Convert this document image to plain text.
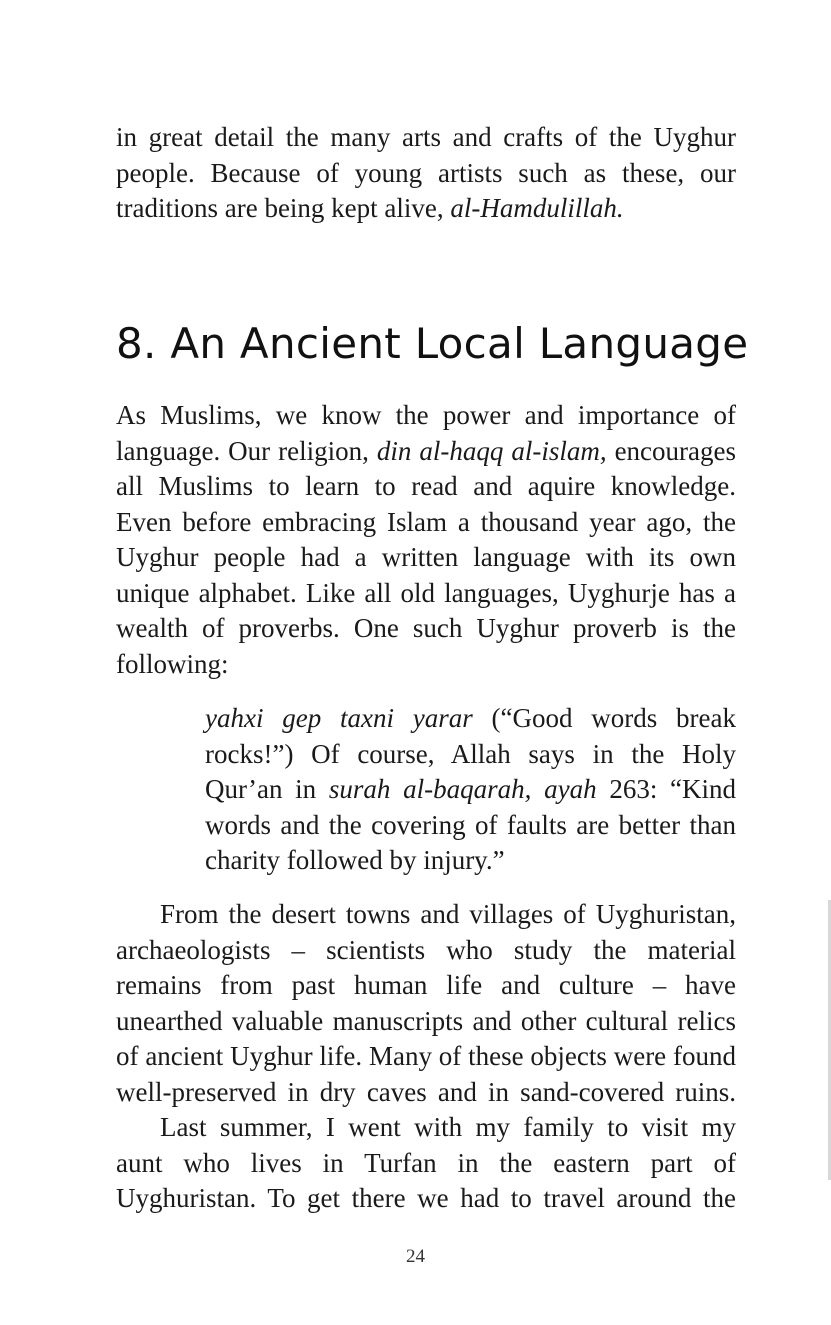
in great detail the many arts and crafts of the Uyghur
people. Because of young artists such as these, our
traditions are being kept alive, al-Hamdulillah.
8. An Ancient Local Language
As Muslims, we know the power and importance of
language. Our religion, din al-haqq al-islam, encourages
all Muslims to learn to read and aquire knowledge.
Even before embracing Islam a thousand year ago, the
Uyghur people had a written language with its own
unique alphabet. Like all old languages, Uyghurje has a
wealth of proverbs. One such Uyghur proverb is the
following:
yahxi gep taxni yarar (“Good words break
rocks!”) Of course, Allah says in the Holy
Qur’an in surah al-baqarah, ayah 263: “Kind
words and the covering of faults are better than
charity followed by injury.”
From the desert towns and villages of Uyghuristan,
archaeologists – scientists who study the material
remains from past human life and culture – have
unearthed valuable manuscripts and other cultural relics
of ancient Uyghur life. Many of these objects were found
well-preserved in dry caves and in sand-covered ruins.
Last summer, I went with my family to visit my
aunt who lives in Turfan in the eastern part of
Uyghuristan. To get there we had to travel around the
24
